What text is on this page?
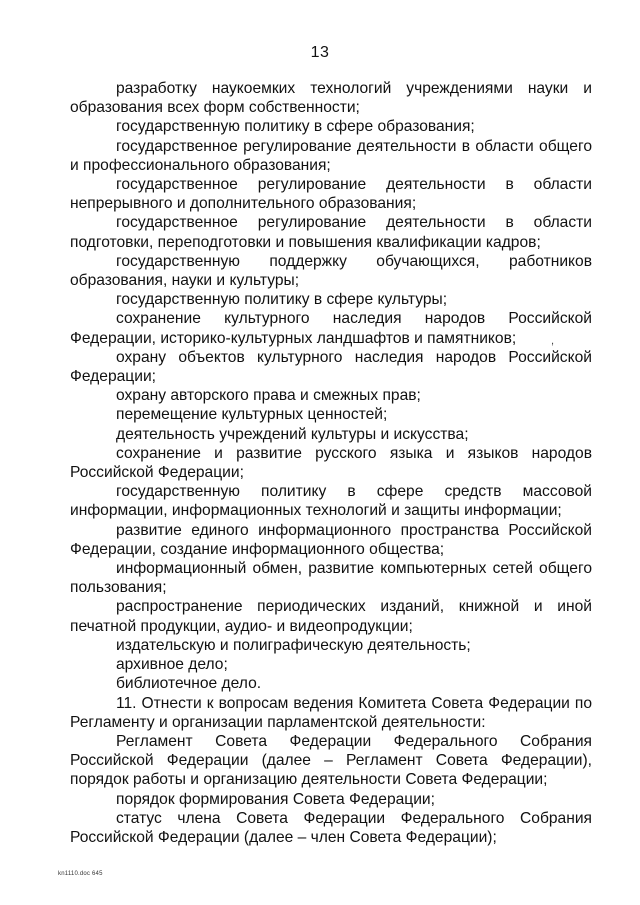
13

разработку наукоемких технологий учреждениями науки и образования всех форм собственности;

государственную политику в сфере образования;

государственное регулирование деятельности в области общего и профессионального образования;

государственное регулирование деятельности в области непрерывного и дополнительного образования;

государственное регулирование деятельности в области подготовки, переподготовки и повышения квалификации кадров;

государственную поддержку обучающихся, работников образования, науки и культуры;

государственную политику в сфере культуры;

сохранение культурного наследия народов Российской Федерации, историко-культурных ландшафтов и памятников;

охрану объектов культурного наследия народов Российской Федерации;

охрану авторского права и смежных прав;

перемещение культурных ценностей;

деятельность учреждений культуры и искусства;

сохранение и развитие русского языка и языков народов Российской Федерации;

государственную политику в сфере средств массовой информации, информационных технологий и защиты информации;

развитие единого информационного пространства Российской Федерации, создание информационного общества;

информационный обмен, развитие компьютерных сетей общего пользования;

распространение периодических изданий, книжной и иной печатной продукции, аудио- и видеопродукции;

издательскую и полиграфическую деятельность;

архивное дело;

библиотечное дело.

11. Отнести к вопросам ведения Комитета Совета Федерации по Регламенту и организации парламентской деятельности:

Регламент Совета Федерации Федерального Собрания Российской Федерации (далее – Регламент Совета Федерации), порядок работы и организацию деятельности Совета Федерации;

порядок формирования Совета Федерации;

статус члена Совета Федерации Федерального Собрания Российской Федерации (далее – член Совета Федерации);

,
kn1110.doc 645
